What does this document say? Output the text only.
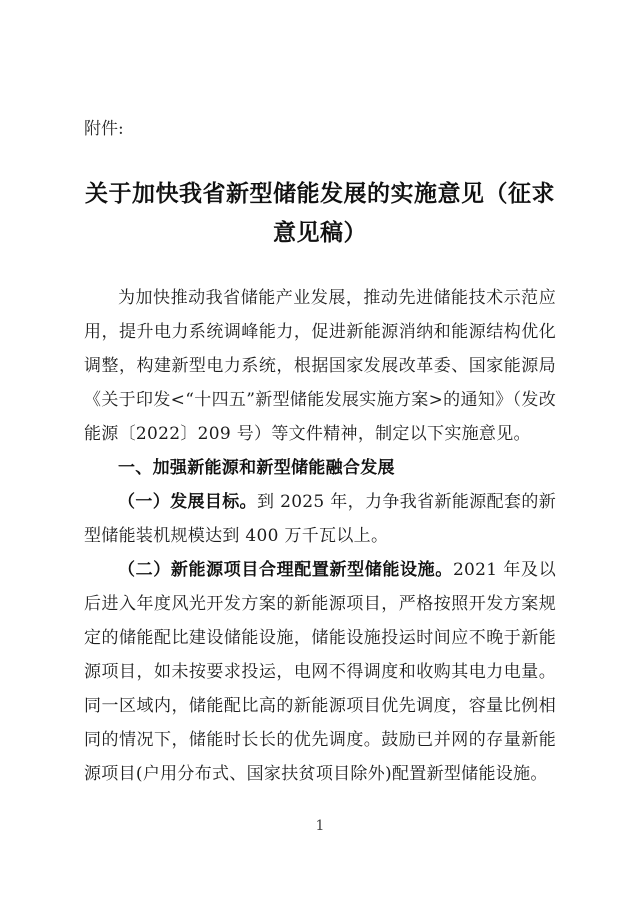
附件:
关于加快我省新型储能发展的实施意见（征求意见稿）

为加快推动我省储能产业发展，推动先进储能技术示范应用，提升电力系统调峰能力，促进新能源消纳和能源结构优化调整，构建新型电力系统，根据国家发展改革委、国家能源局《关于印发<“十四五”新型储能发展实施方案>的通知》（发改能源〔2022〕209 号）等文件精神，制定以下实施意见。

一、加强新能源和新型储能融合发展

（一）发展目标。到 2025 年，力争我省新能源配套的新型储能装机规模达到 400 万千瓦以上。

（二）新能源项目合理配置新型储能设施。2021 年及以后进入年度风光开发方案的新能源项目，严格按照开发方案规定的储能配比建设储能设施，储能设施投运时间应不晚于新能源项目，如未按要求投运，电网不得调度和收购其电力电量。同一区域内，储能配比高的新能源项目优先调度，容量比例相同的情况下，储能时长长的优先调度。鼓励已并网的存量新能源项目(户用分布式、国家扶贫项目除外)配置新型储能设施。

1
